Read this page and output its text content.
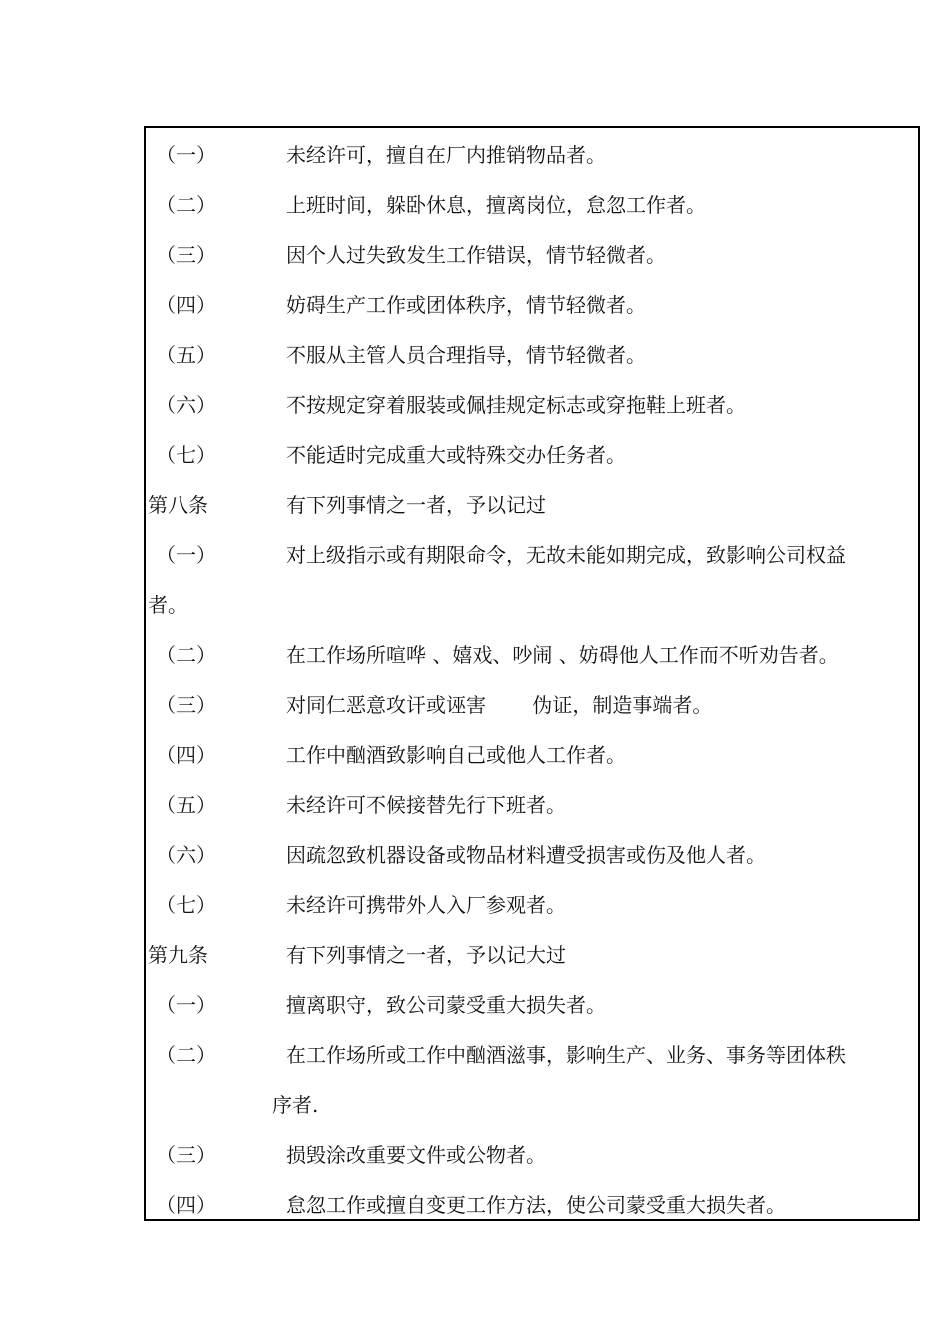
（一）	未经许可，擅自在厂内推销物品者。
（二）	上班时间，躲卧休息，擅离岗位，怠忽工作者。
（三）	因个人过失致发生工作错误，情节轻微者。
（四）	妨碍生产工作或团体秩序，情节轻微者。
（五）	不服从主管人员合理指导，情节轻微者。
（六）	不按规定穿着服装或佩挂规定标志或穿拖鞋上班者。
（七）	不能适时完成重大或特殊交办任务者。
第八条	有下列事情之一者，予以记过
（一）	对上级指示或有期限命令，无故未能如期完成，致影响公司权益
者。
（二）	在工作场所喧哗 、嬉戏、吵闹 、妨碍他人工作而不听劝告者。
（三）	对同仁恶意攻讦或诬害 　　伪证，制造事端者。
（四）	工作中酗酒致影响自己或他人工作者。
（五）	未经许可不候接替先行下班者。
（六）	因疏忽致机器设备或物品材料遭受损害或伤及他人者。
（七）	未经许可携带外人入厂参观者。
第九条	有下列事情之一者，予以记大过
（一）	擅离职守，致公司蒙受重大损失者。
（二）	在工作场所或工作中酗酒滋事，影响生产、业务、事务等团体秩
序者.
（三）	损毁涂改重要文件或公物者。
（四）	怠忽工作或擅自变更工作方法，使公司蒙受重大损失者。
